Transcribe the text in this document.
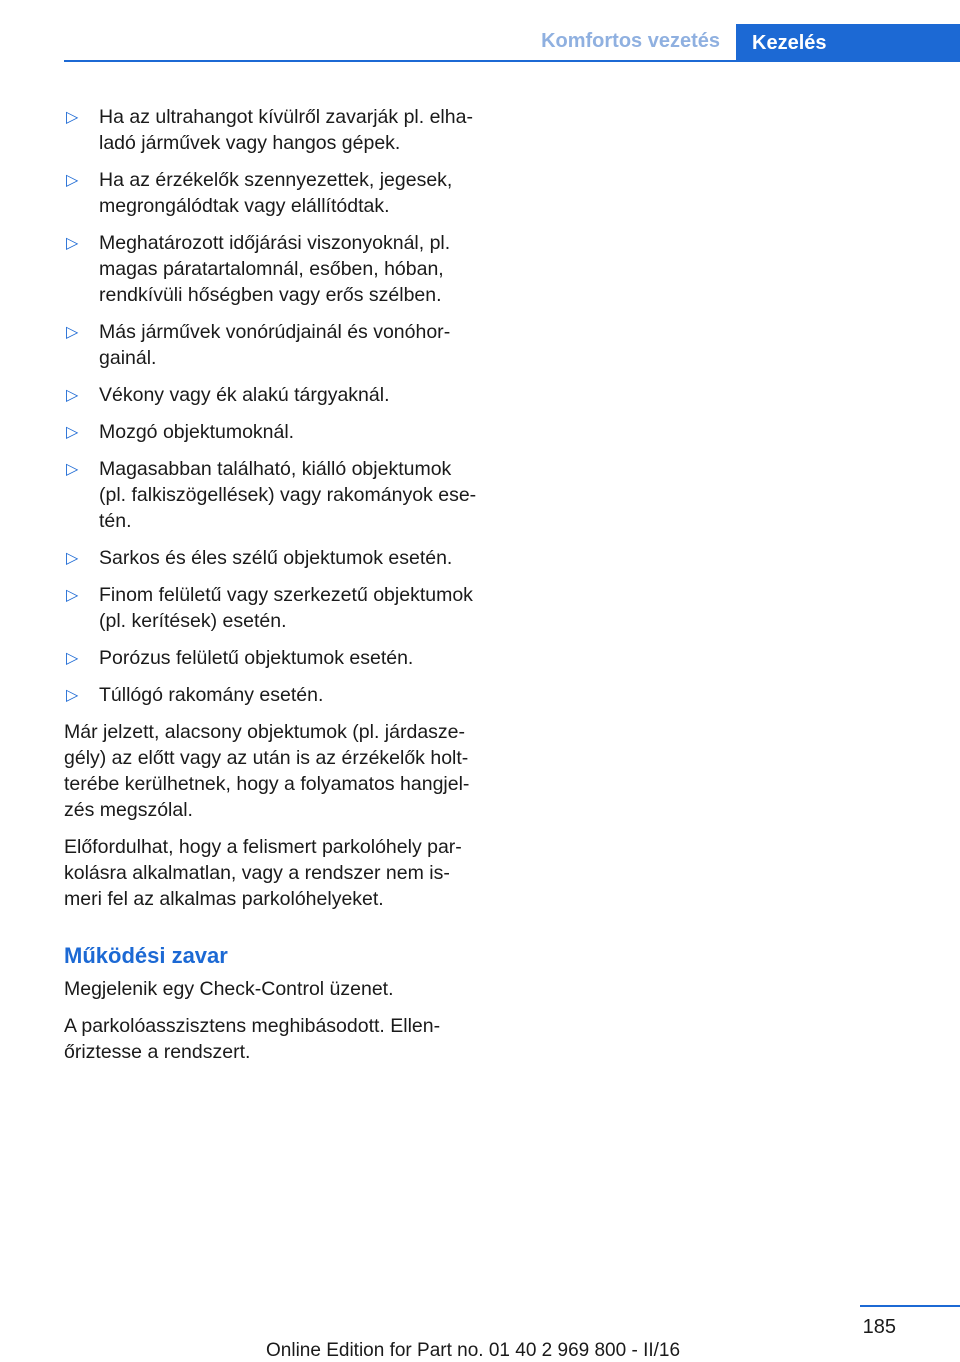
Komfortos vezetés	Kezelés
▷ Ha az ultrahangot kívülről zavarják pl. elhaladó járművek vagy hangos gépek.
▷ Ha az érzékelők szennyezettek, jegesek, megrongálódtak vagy elállítódtak.
▷ Meghatározott időjárási viszonyoknál, pl. magas páratartalomnál, esőben, hóban, rendkívüli hőségben vagy erős szélben.
▷ Más járművek vonórúdjainál és vonóhorgainál.
▷ Vékony vagy ék alakú tárgyaknál.
▷ Mozgó objektumoknál.
▷ Magasabban található, kiálló objektumok (pl. falkiszögellések) vagy rakományok esetén.
▷ Sarkos és éles szélű objektumok esetén.
▷ Finom felületű vagy szerkezetű objektumok (pl. kerítések) esetén.
▷ Porózus felületű objektumok esetén.
▷ Túllógó rakomány esetén.

Már jelzett, alacsony objektumok (pl. járdaszegély) az előtt vagy az után is az érzékelők holtterébe kerülhetnek, hogy a folyamatos hangjelzés megszólal.

Előfordulhat, hogy a felismert parkolóhely parkolásra alkalmatlan, vagy a rendszer nem ismeri fel az alkalmas parkolóhelyeket.

Működési zavar

Megjelenik egy Check-Control üzenet.

A parkolóasszisztens meghibásodott. Ellenőriztesse a rendszert.

185
Online Edition for Part no. 01 40 2 969 800 - II/16
